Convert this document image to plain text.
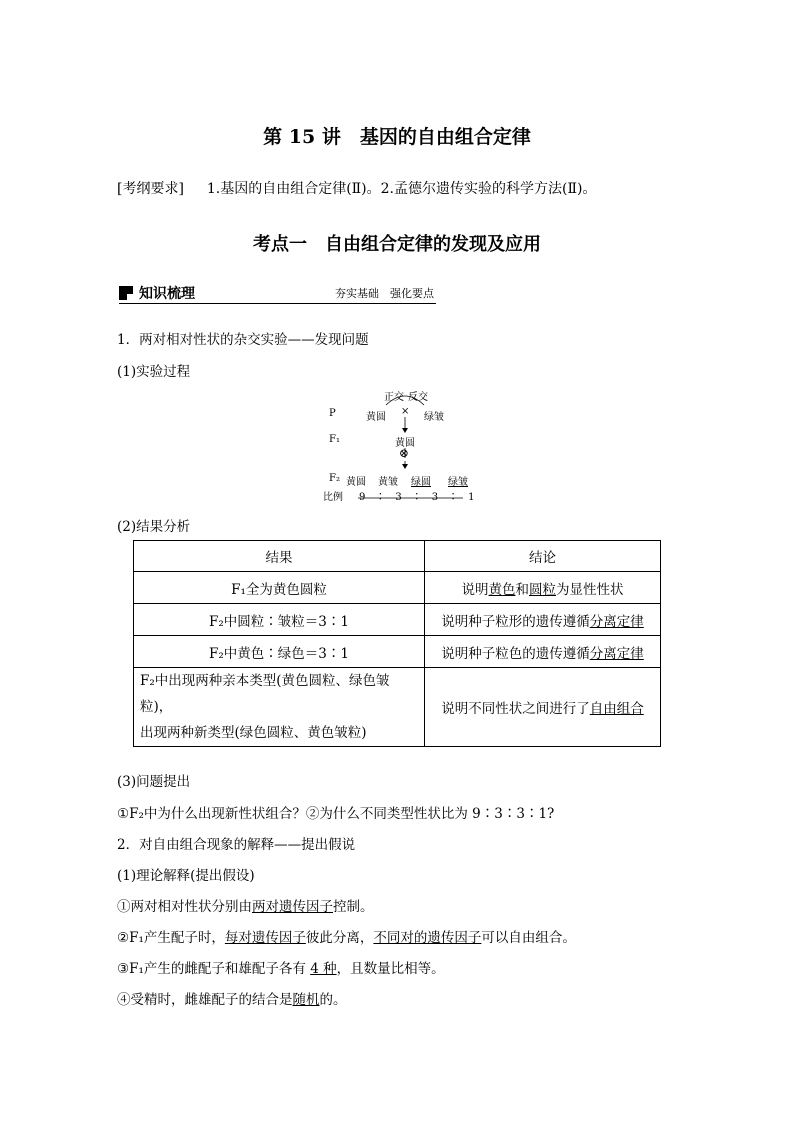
第 15 讲　基因的自由组合定律
[考纲要求] 1.基因的自由组合定律(Ⅱ)。2.孟德尔遗传实验的科学方法(Ⅱ)。
考点一　自由组合定律的发现及应用
知识梳理	夯实基础　强化要点
1．两对相对性状的杂交实验——发现问题
(1)实验过程
正交 反交
P	黄圆
×
绿皱
F₁	黄圆
⊗
F₂ 黄圆 黄皱 绿圆 绿皱
比例 9　∶　3　∶　3　∶　1
(2)结果分析
结果	结论
F₁全为黄色圆粒	说明黄色和圆粒为显性性状
F₂中圆粒∶皱粒＝3∶1	说明种子粒形的遗传遵循分离定律
F₂中黄色∶绿色＝3∶1	说明种子粒色的遗传遵循分离定律
F₂中出现两种亲本类型(黄色圆粒、绿色皱粒)，
出现两种新类型(绿色圆粒、黄色皱粒)	说明不同性状之间进行了自由组合
(3)问题提出
①F₂中为什么出现新性状组合？②为什么不同类型性状比为 9∶3∶3∶1?
2．对自由组合现象的解释——提出假说
(1)理论解释(提出假设)
①两对相对性状分别由两对遗传因子控制。
②F₁产生配子时，每对遗传因子彼此分离，不同对的遗传因子可以自由组合。
③F₁产生的雌配子和雄配子各有 4 种，且数量比相等。
④受精时，雌雄配子的结合是随机的。
